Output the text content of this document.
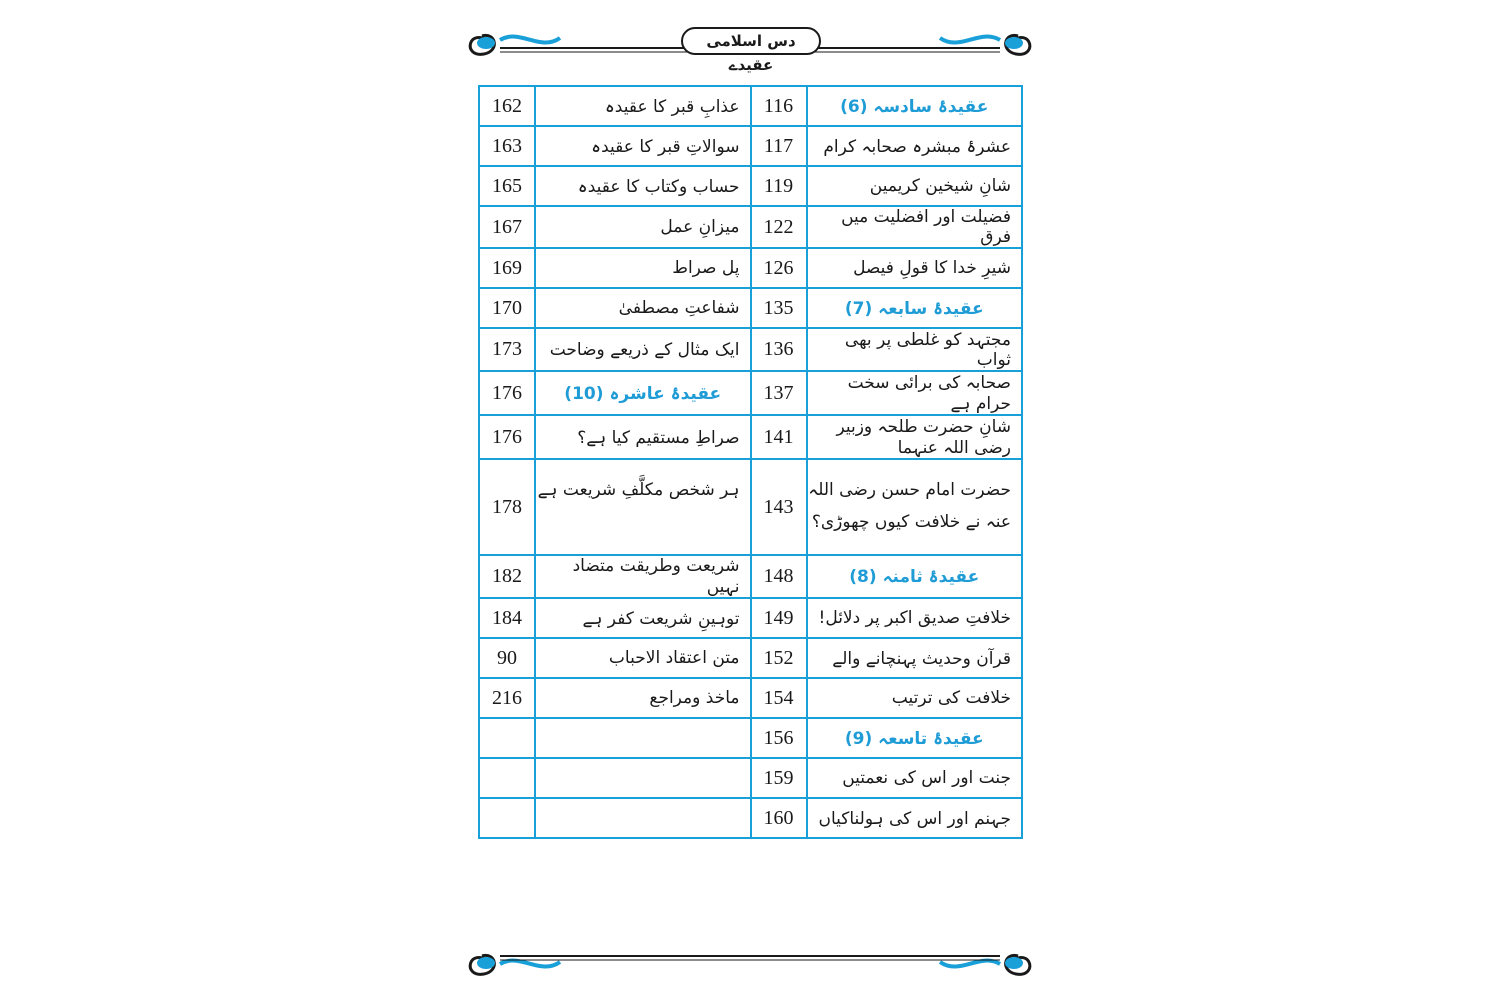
دس اسلامی عقیدے
162	عذابِ قبر کا عقیدہ	116	عقیدۂ سادسہ (6)
163	سوالاتِ قبر کا عقیدہ	117	عشرۂ مبشرہ صحابہ کرام
165	حساب وکتاب کا عقیدہ	119	شانِ شیخین کریمین
167	میزانِ عمل	122	فضیلت اور افضلیت میں فرق
169	پل صراط	126	شیرِ خدا کا قولِ فیصل
170	شفاعتِ مصطفیٰ	135	عقیدۂ سابعہ (7)
173	ایک مثال کے ذریعے وضاحت	136	مجتہد کو غلطی پر بھی ثواب
176	عقیدۂ عاشرہ (10)	137	صحابہ کی برائی سخت حرام ہے
176	صراطِ مستقیم کیا ہے؟	141	شانِ حضرت طلحہ وزبیر رضی اللہ عنہما
178	ہر شخص مکلَّفِ شریعت ہے	143	حضرت امام حسن رضی اللہ عنہ نے خلافت کیوں چھوڑی؟
182	شریعت وطریقت متضاد نہیں	148	عقیدۂ ثامنہ (8)
184	توہینِ شریعت کفر ہے	149	خلافتِ صدیق اکبر پر دلائل!
90	متن اعتقاد الاحباب	152	قرآن وحدیث پہنچانے والے
216	ماخذ ومراجع	154	خلافت کی ترتیب
		156	عقیدۂ تاسعہ (9)
		159	جنت اور اس کی نعمتیں
		160	جہنم اور اس کی ہولناکیاں
